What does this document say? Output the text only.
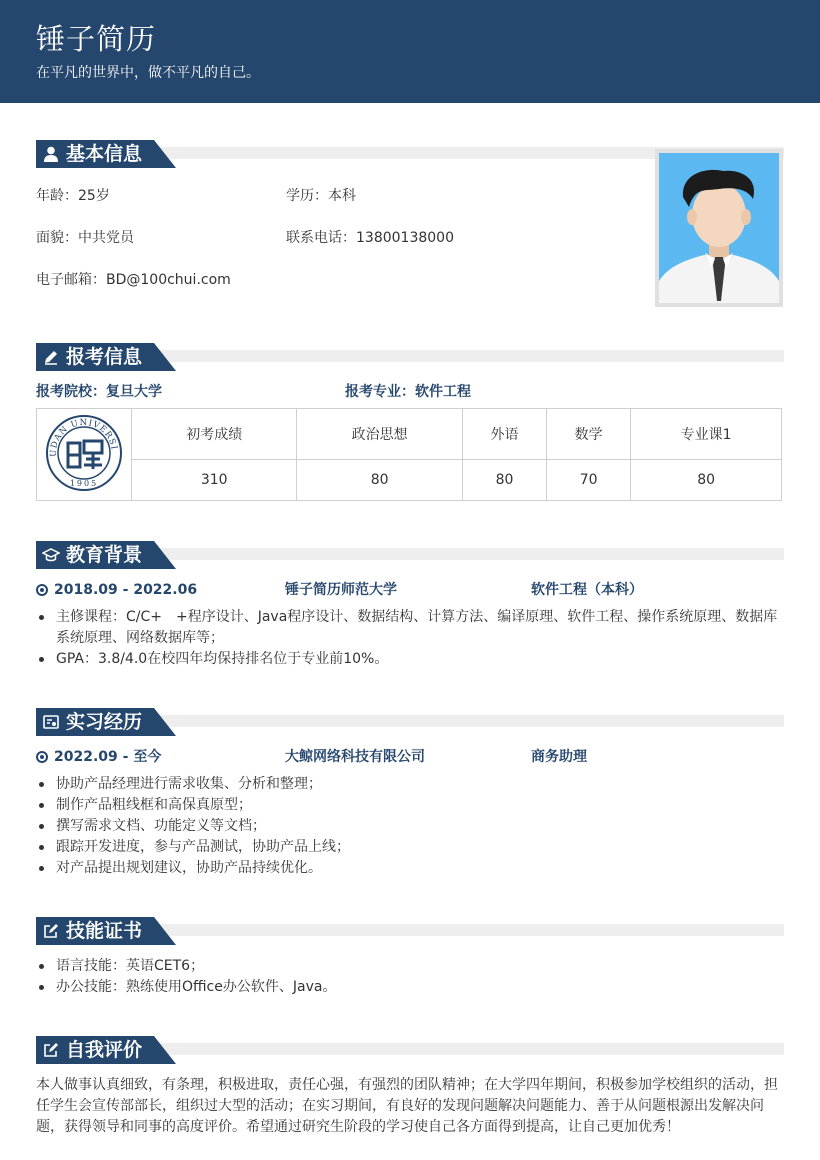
锤子简历
在平凡的世界中，做不平凡的自己。
基本信息
年龄：25岁	学历：本科
面貌：中共党员	联系电话：13800138000
电子邮箱：BD@100chui.com
报考信息
报考院校：复旦大学	报考专业：软件工程
UDAN UNIVERSI
1905	初考成绩	政治思想	外语	数学	专业课1
	310	80	80	70	80
教育背景
2018.09 - 2022.06	锤子简历师范大学	软件工程（本科）
主修课程：C/C+　+程序设计、Java程序设计、数据结构、计算方法、编译原理、软件工程、操作系统原理、数据库系统原理、网络数据库等；
GPA：3.8/4.0在校四年均保持排名位于专业前10%。
实习经历
2022.09 - 至今	大鲸网络科技有限公司	商务助理
协助产品经理进行需求收集、分析和整理；
制作产品粗线框和高保真原型；
撰写需求文档、功能定义等文档；
跟踪开发进度，参与产品测试，协助产品上线；
对产品提出规划建议，协助产品持续优化。
技能证书
语言技能：英语CET6；
办公技能：熟练使用Office办公软件、Java。
自我评价
本人做事认真细致，有条理，积极进取，责任心强，有强烈的团队精神；在大学四年期间，积极参加学校组织的活动，担任学生会宣传部部长，组织过大型的活动；在实习期间，有良好的发现问题解决问题能力、善于从问题根源出发解决问题，获得领导和同事的高度评价。希望通过研究生阶段的学习使自己各方面得到提高，让自己更加优秀！
